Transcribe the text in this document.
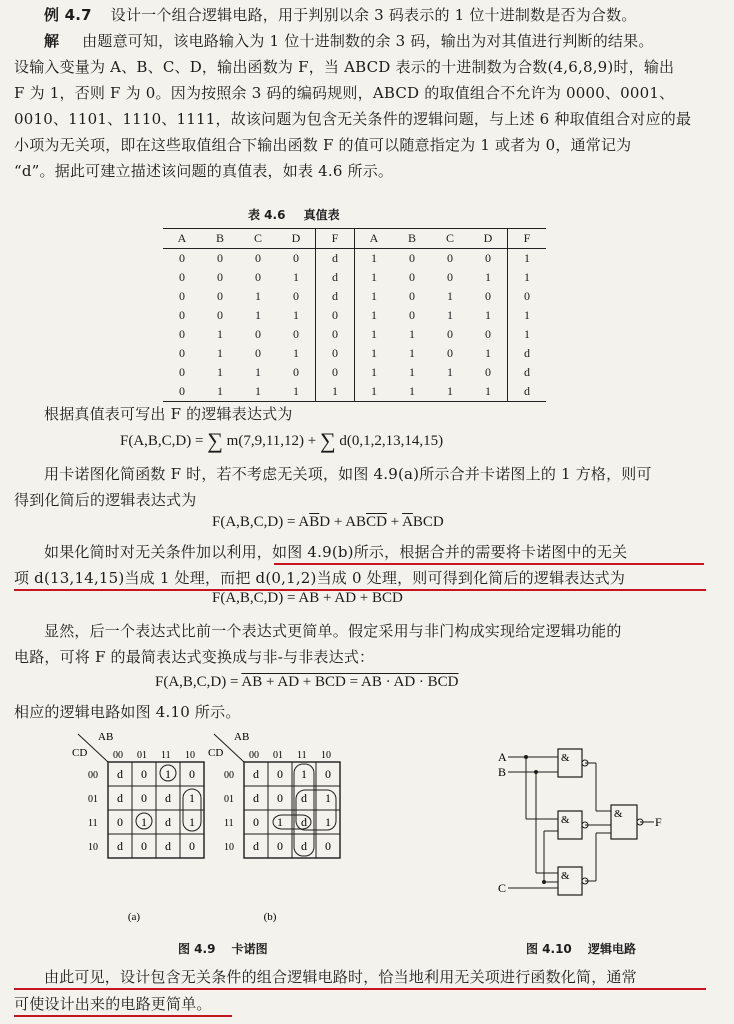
例 4.7 设计一个组合逻辑电路，用于判别以余 3 码表示的 1 位十进制数是否为合数。
解 由题意可知，该电路输入为 1 位十进制数的余 3 码，输出为对其值进行判断的结果。
设输入变量为 A、B、C、D，输出函数为 F，当 ABCD 表示的十进制数为合数(4,6,8,9)时，输出
F 为 1，否则 F 为 0。因为按照余 3 码的编码规则，ABCD 的取值组合不允许为 0000、0001、
0010、1101、1110、1111，故该问题为包含无关条件的逻辑问题，与上述 6 种取值组合对应的最
小项为无关项，即在这些取值组合下输出函数 F 的值可以随意指定为 1 或者为 0，通常记为
“d”。据此可建立描述该问题的真值表，如表 4.6 所示。
表 4.6 真值表
A	B	C	D	F	A	B	C	D	F
0	0	0	0	d	1	0	0	0	1
0	0	0	1	d	1	0	0	1	1
0	0	1	0	d	1	0	1	0	0
0	0	1	1	0	1	0	1	1	1
0	1	0	0	0	1	1	0	0	1
0	1	0	1	0	1	1	0	1	d
0	1	1	0	0	1	1	1	0	d
0	1	1	1	1	1	1	1	1	d
根据真值表可写出 F 的逻辑表达式为
F(A,B,C,D) = ∑ m(7,9,11,12) + ∑ d(0,1,2,13,14,15)
用卡诺图化简函数 F 时，若不考虑无关项，如图 4.9(a)所示合并卡诺图上的 1 方格，则可
得到化简后的逻辑表达式为
$F(A,B,C,D) = A\overline{B}D + AB\overline{C}\overline{D} + \overline{A}BCD$
如果化简时对无关条件加以利用，如图 4.9(b)所示，根据合并的需要将卡诺图中的无关
项 d(13,14,15)当成 1 处理，而把 d(0,1,2)当成 0 处理，则可得到化简后的逻辑表达式为
F(A,B,C,D) = AB + AD + BCD
显然，后一个表达式比前一个表达式更简单。假定采用与非门构成实现给定逻辑功能的
电路，可将 F 的最简表达式变换成与非-与非表达式：
F(A,B,C,D) = AB + AD + BCD = AB · AD · BCD
相应的逻辑电路如图 4.10 所示。
AB
CD	00 01 11 10
00
01
11
10
d 0 1 0
d 0 d 1
0 1 d 1
d 0 d 0
AB
CD	00 01 11 10
00
01
11
10
d 0 1 0
d 0 d 1
0 1 d 1
d 0 d 0
(a)	(b)
A
B
C
&
&
&
&
F
图 4.9 卡诺图	图 4.10 逻辑电路
由此可见，设计包含无关条件的组合逻辑电路时，恰当地利用无关项进行函数化简，通常
可使设计出来的电路更简单。
